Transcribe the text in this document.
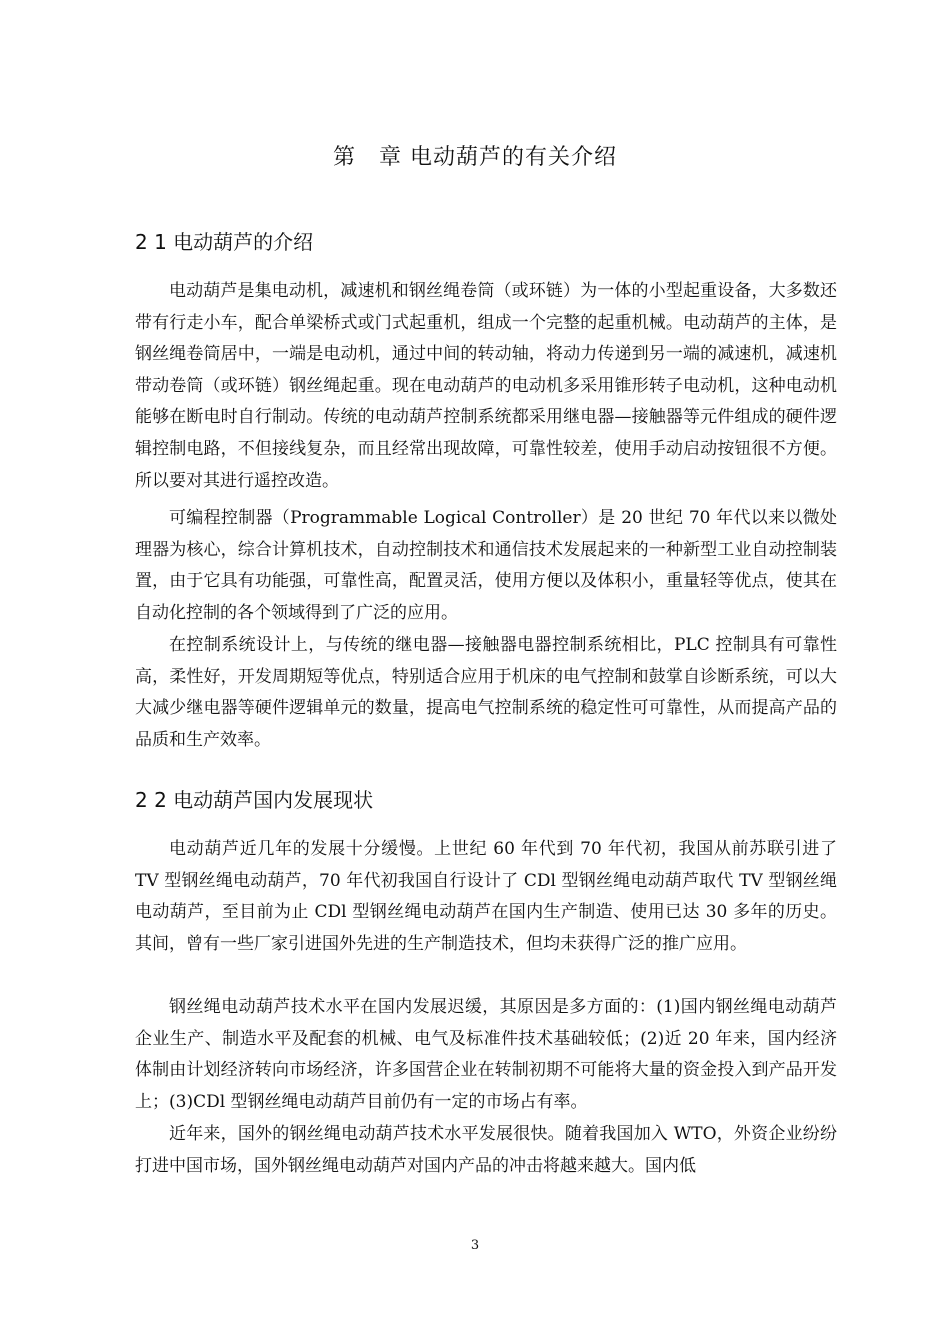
第　章 电动葫芦的有关介绍
2 1 电动葫芦的介绍

电动葫芦是集电动机，减速机和钢丝绳卷筒（或环链）为一体的小型起重设备，大多数还带有行走小车，配合单梁桥式或门式起重机，组成一个完整的起重机械。电动葫芦的主体，是钢丝绳卷筒居中，一端是电动机，通过中间的转动轴，将动力传递到另一端的减速机，减速机带动卷筒（或环链）钢丝绳起重。现在电动葫芦的电动机多采用锥形转子电动机，这种电动机能够在断电时自行制动。传统的电动葫芦控制系统都采用继电器—接触器等元件组成的硬件逻辑控制电路，不但接线复杂，而且经常出现故障，可靠性较差，使用手动启动按钮很不方便。所以要对其进行遥控改造。

可编程控制器（Programmable Logical Controller）是 20 世纪 70 年代以来以微处理器为核心，综合计算机技术，自动控制技术和通信技术发展起来的一种新型工业自动控制装置，由于它具有功能强，可靠性高，配置灵活，使用方便以及体积小，重量轻等优点，使其在自动化控制的各个领域得到了广泛的应用。

在控制系统设计上，与传统的继电器—接触器电器控制系统相比，PLC 控制具有可靠性高，柔性好，开发周期短等优点，特别适合应用于机床的电气控制和鼓掌自诊断系统，可以大大减少继电器等硬件逻辑单元的数量，提高电气控制系统的稳定性可可靠性，从而提高产品的品质和生产效率。

2 2 电动葫芦国内发展现状

电动葫芦近几年的发展十分缓慢。上世纪 60 年代到 70 年代初，我国从前苏联引进了 TV 型钢丝绳电动葫芦，70 年代初我国自行设计了 CDl 型钢丝绳电动葫芦取代 TV 型钢丝绳电动葫芦，至目前为止 CDl 型钢丝绳电动葫芦在国内生产制造、使用已达 30 多年的历史。其间，曾有一些厂家引进国外先进的生产制造技术，但均未获得广泛的推广应用。

钢丝绳电动葫芦技术水平在国内发展迟缓，其原因是多方面的：(1)国内钢丝绳电动葫芦企业生产、制造水平及配套的机械、电气及标准件技术基础较低；(2)近 20 年来，国内经济体制由计划经济转向市场经济，许多国营企业在转制初期不可能将大量的资金投入到产品开发上；(3)CDl 型钢丝绳电动葫芦目前仍有一定的市场占有率。

近年来，国外的钢丝绳电动葫芦技术水平发展很快。随着我国加入 WTO，外资企业纷纷打进中国市场，国外钢丝绳电动葫芦对国内产品的冲击将越来越大。国内低

3
